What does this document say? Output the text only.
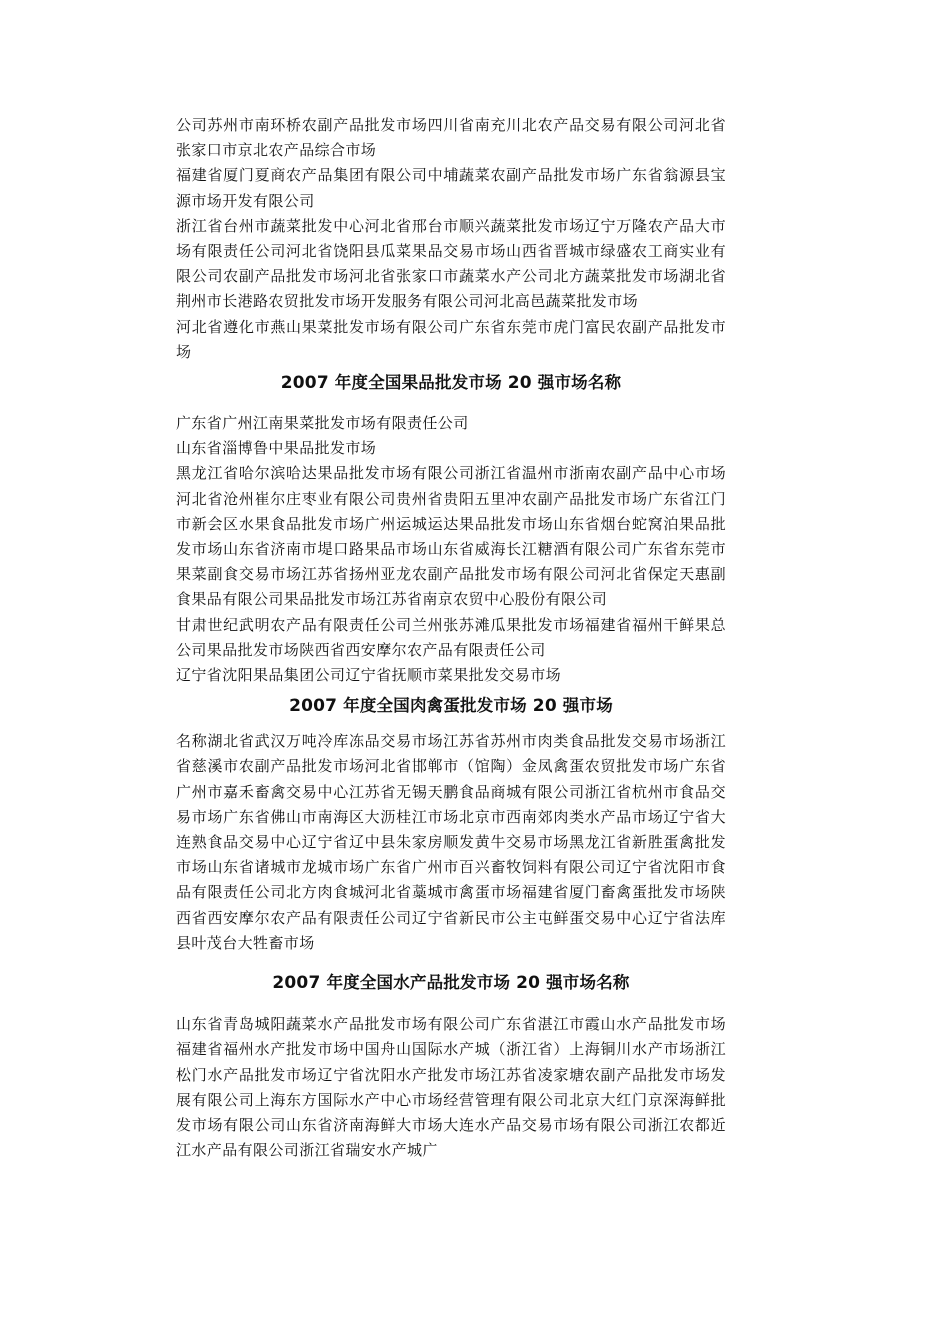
公司苏州市南环桥农副产品批发市场四川省南充川北农产品交易有限公司河北省张家口市京北农产品综合市场

福建省厦门夏商农产品集团有限公司中埔蔬菜农副产品批发市场广东省翁源县宝源市场开发有限公司

浙江省台州市蔬菜批发中心河北省邢台市顺兴蔬菜批发市场辽宁万隆农产品大市场有限责任公司河北省饶阳县瓜菜果品交易市场山西省晋城市绿盛农工商实业有限公司农副产品批发市场河北省张家口市蔬菜水产公司北方蔬菜批发市场湖北省荆州市长港路农贸批发市场开发服务有限公司河北高邑蔬菜批发市场

河北省遵化市燕山果菜批发市场有限公司广东省东莞市虎门富民农副产品批发市场

2007 年度全国果品批发市场 20 强市场名称

广东省广州江南果菜批发市场有限责任公司

山东省淄博鲁中果品批发市场

黑龙江省哈尔滨哈达果品批发市场有限公司浙江省温州市浙南农副产品中心市场河北省沧州崔尔庄枣业有限公司贵州省贵阳五里冲农副产品批发市场广东省江门市新会区水果食品批发市场广州运城运达果品批发市场山东省烟台蛇窝泊果品批发市场山东省济南市堤口路果品市场山东省威海长江糖酒有限公司广东省东莞市果菜副食交易市场江苏省扬州亚龙农副产品批发市场有限公司河北省保定天惠副食果品有限公司果品批发市场江苏省南京农贸中心股份有限公司

甘肃世纪武明农产品有限责任公司兰州张苏滩瓜果批发市场福建省福州干鲜果总公司果品批发市场陕西省西安摩尔农产品有限责任公司

辽宁省沈阳果品集团公司辽宁省抚顺市菜果批发交易市场

2007 年度全国肉禽蛋批发市场 20 强市场

名称湖北省武汉万吨冷库冻品交易市场江苏省苏州市肉类食品批发交易市场浙江省慈溪市农副产品批发市场河北省邯郸市（馆陶）金凤禽蛋农贸批发市场广东省广州市嘉禾畜禽交易中心江苏省无锡天鹏食品商城有限公司浙江省杭州市食品交易市场广东省佛山市南海区大沥桂江市场北京市西南郊肉类水产品市场辽宁省大连熟食品交易中心辽宁省辽中县朱家房顺发黄牛交易市场黑龙江省新胜蛋禽批发市场山东省诸城市龙城市场广东省广州市百兴畜牧饲料有限公司辽宁省沈阳市食品有限责任公司北方肉食城河北省藁城市禽蛋市场福建省厦门畜禽蛋批发市场陕西省西安摩尔农产品有限责任公司辽宁省新民市公主屯鲜蛋交易中心辽宁省法库县叶茂台大牲畜市场

2007 年度全国水产品批发市场 20 强市场名称

山东省青岛城阳蔬菜水产品批发市场有限公司广东省湛江市霞山水产品批发市场福建省福州水产批发市场中国舟山国际水产城（浙江省）上海铜川水产市场浙江松门水产品批发市场辽宁省沈阳水产批发市场江苏省凌家塘农副产品批发市场发展有限公司上海东方国际水产中心市场经营管理有限公司北京大红门京深海鲜批发市场有限公司山东省济南海鲜大市场大连水产品交易市场有限公司浙江农都近江水产品有限公司浙江省瑞安水产城广
